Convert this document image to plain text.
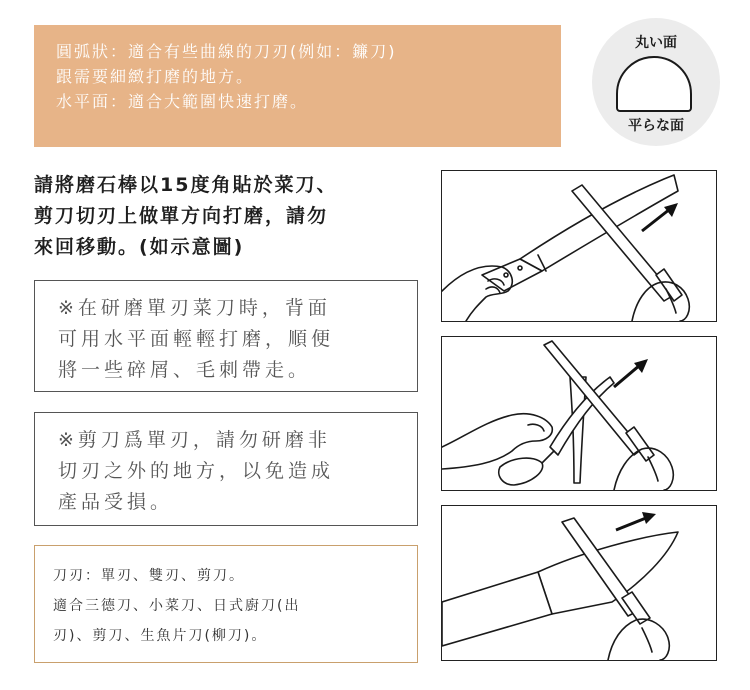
圓弧狀：適合有些曲線的刀刃(例如：鐮刀)
跟需要細緻打磨的地方。
水平面：適合大範圍快速打磨。
丸い面
平らな面
請將磨石棒以15度角貼於菜刀、
剪刀切刃上做單方向打磨，請勿
來回移動。(如示意圖)
※在研磨單刃菜刀時，背面
可用水平面輕輕打磨，順便
將一些碎屑、毛刺帶走。
※剪刀爲單刃，請勿研磨非
切刃之外的地方，以免造成
產品受損。
刀刃：單刃、雙刃、剪刀。
適合三德刀、小菜刀、日式廚刀(出
刃)、剪刀、生魚片刀(柳刀)。
